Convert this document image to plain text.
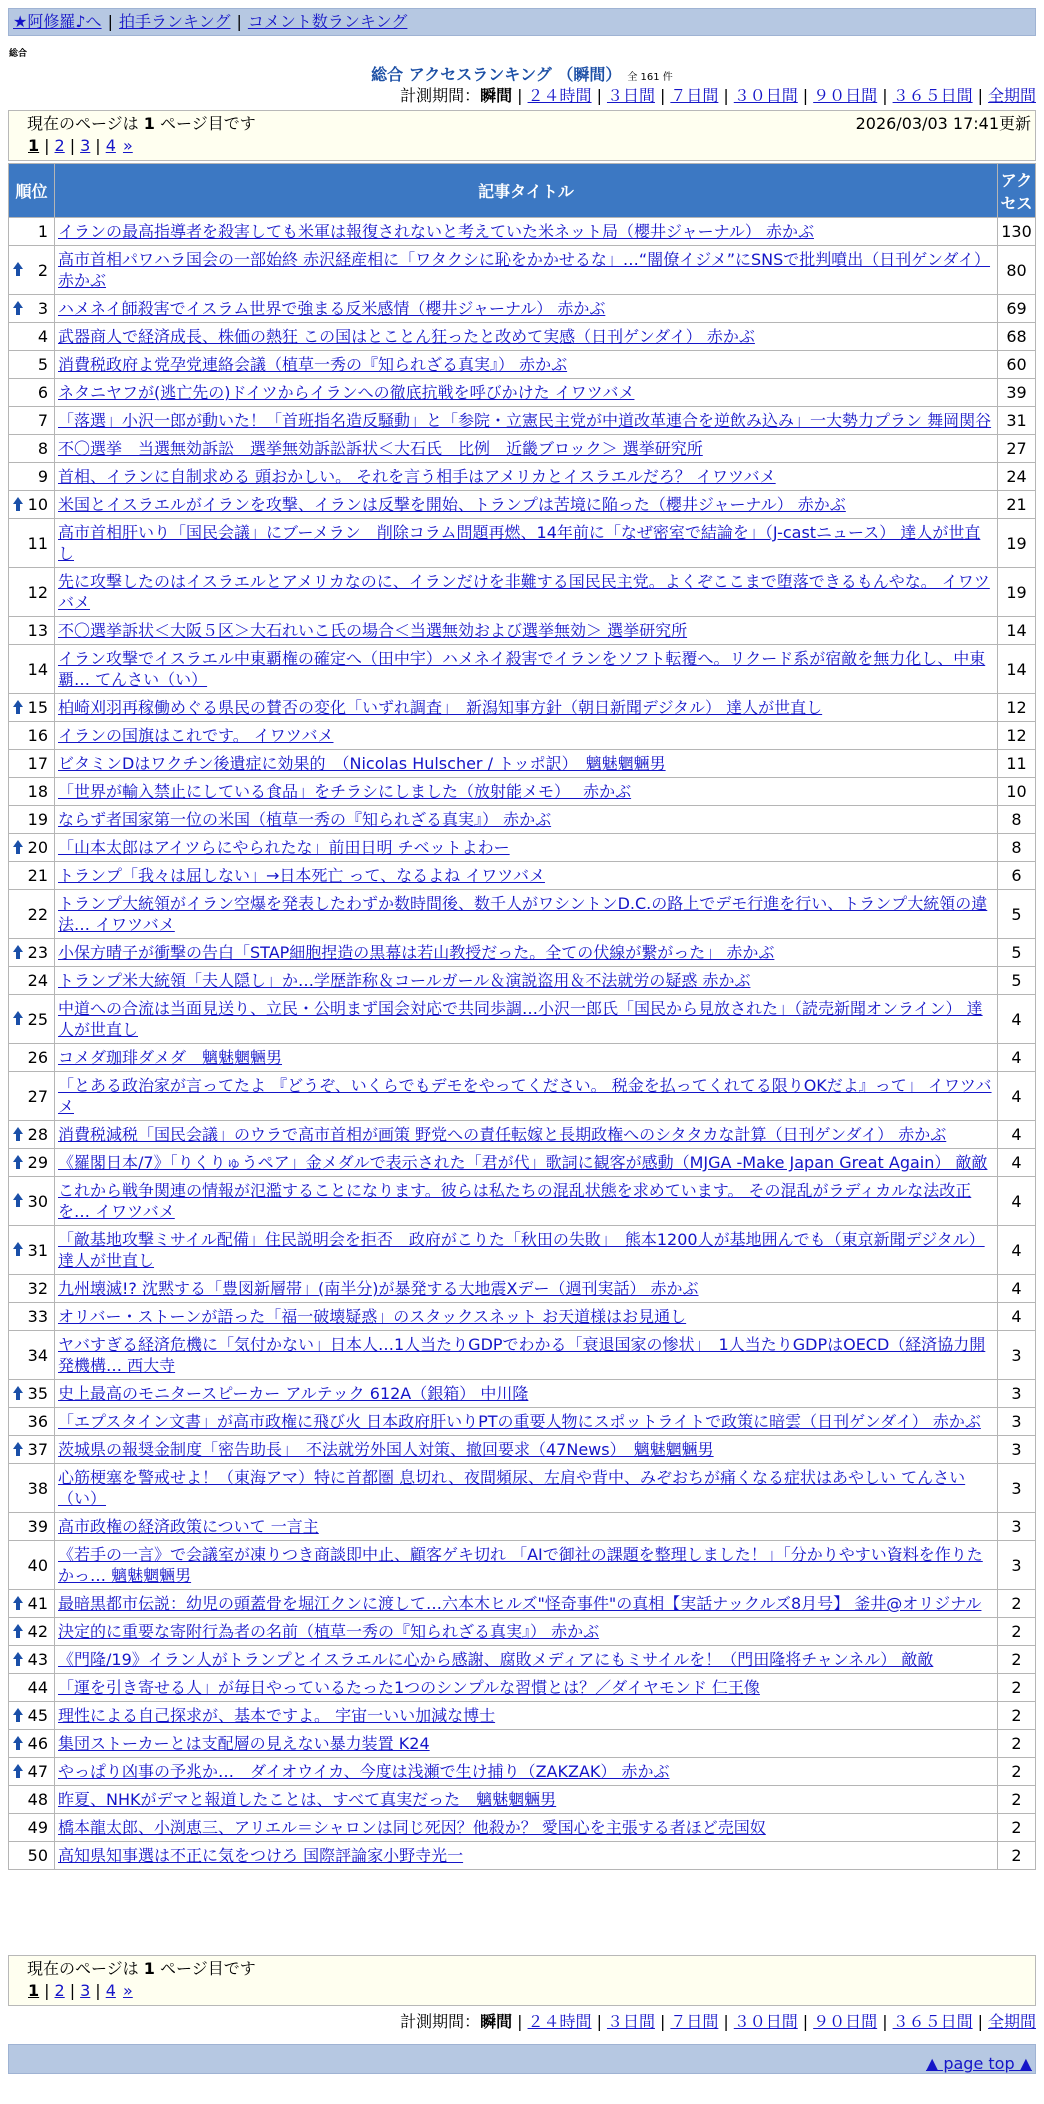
★阿修羅♪へ | 拍手ランキング | コメント数ランキング
総合
総合 アクセスランキング （瞬間） 全 161 件
計測期間：瞬間 | ２４時間 | ３日間 | ７日間 | ３０日間 | ９０日間 | ３６５日間 | 全期間
現在のページは 1 ページ目です	2026/03/03 17:41更新
1 | 2 | 3 | 4 »
順位	記事タイトル	アクセス
1	イランの最高指導者を殺害しても米軍は報復されないと考えていた米ネット局（櫻井ジャーナル） 赤かぶ	130

2	高市首相パワハラ国会の一部始終 赤沢経産相に「ワタクシに恥をかかせるな」…“闇僚イジメ”にSNSで批判噴出（日刊ゲンダイ） 赤かぶ	80

3	ハメネイ師殺害でイスラム世界で強まる反米感情（櫻井ジャーナル） 赤かぶ	69
4	武器商人で経済成長、株価の熱狂 この国はとことん狂ったと改めて実感（日刊ゲンダイ） 赤かぶ	68
5	消費税政府よ党孕党連絡会議（植草一秀の『知られざる真実』） 赤かぶ	60
6	ネタニヤフが(逃亡先の)ドイツからイランへの徹底抗戦を呼びかけた イワツバメ	39
7	「落選」小沢一郎が動いた！「首班指名造反騒動」と「参院・立憲民主党が中道改革連合を逆飲み込み」一大勢力プラン 舞岡関谷	31
8	不〇選挙　当選無効訴訟　選挙無効訴訟訴状＜大石氏　比例　近畿ブロック＞ 選挙研究所	27
9	首相、イランに自制求める 頭おかしい。 それを言う相手はアメリカとイスラエルだろ？ イワツバメ	24

10	米国とイスラエルがイランを攻撃、イランは反撃を開始、トランプは苦境に陥った（櫻井ジャーナル） 赤かぶ	21
11	高市首相肝いり「国民会議」にブーメラン　削除コラム問題再燃、14年前に「なぜ密室で結論を」（J-castニュース） 達人が世直し	19
12	先に攻撃したのはイスラエルとアメリカなのに、イランだけを非難する国民民主党。よくぞここまで堕落できるもんやな。 イワツバメ	19
13	不〇選挙訴状＜大阪５区＞大石れいこ氏の場合＜当選無効および選挙無効＞ 選挙研究所	14
14	イラン攻撃でイスラエル中東覇権の確定へ（田中宇）ハメネイ殺害でイランをソフト転覆へ。リクード系が宿敵を無力化し、中東覇… てんさい（い）	14

15	柏崎刈羽再稼働めぐる県民の賛否の変化「いずれ調査」　新潟知事方針（朝日新聞デジタル） 達人が世直し	12
16	イランの国旗はこれです。 イワツバメ	12
17	ビタミンDはワクチン後遺症に効果的　（Nicolas Hulscher / トッポ訳）　魑魅魍魎男	11
18	「世界が輸入禁止にしている食品」をチラシにしました（放射能メモ）　 赤かぶ	10
19	ならず者国家第一位の米国（植草一秀の『知られざる真実』） 赤かぶ	8

20	「山本太郎はアイツらにやられたな」前田日明 チベットよわー	8
21	トランプ「我々は屈しない」→日本死亡 って、なるよね イワツバメ	6
22	トランプ大統領がイラン空爆を発表したわずか数時間後、数千人がワシントンD.C.の路上でデモ行進を行い、トランプ大統領の違法… イワツバメ	5

23	小保方晴子が衝撃の告白「STAP細胞捏造の黒幕は若山教授だった。全ての伏線が繋がった」 赤かぶ	5
24	トランプ米大統領「夫人隠し」か…学歴詐称＆コールガール＆演説盗用＆不法就労の疑惑 赤かぶ	5

25	中道への合流は当面見送り、立民・公明まず国会対応で共同歩調…小沢一郎氏「国民から見放された」（読売新聞オンライン） 達人が世直し	4
26	コメダ珈琲ダメダ　魑魅魍魎男	4
27	「とある政治家が言ってたよ 『どうぞ、いくらでもデモをやってください。 税金を払ってくれてる限りOKだよ』って」 イワツバメ	4

28	消費税減税「国民会議」のウラで高市首相が画策 野党への責任転嫁と長期政権へのシタタカな計算（日刊ゲンダイ） 赤かぶ	4

29	《羅閣日本/7》「りくりゅうペア」金メダルで表示された「君が代」歌詞に観客が感動（MJGA -Make Japan Great Again） 敵敵	4

30	これから戦争関連の情報が氾濫することになります。彼らは私たちの混乱状態を求めています。 その混乱がラディカルな法改正を… イワツバメ	4

31	「敵基地攻撃ミサイル配備」住民説明会を拒否　政府がこりた「秋田の失敗」　熊本1200人が基地囲んでも（東京新聞デジタル） 達人が世直し	4
32	九州壊滅!? 沈黙する「豊図新層帯」(南半分)が暴発する大地震Xデー（週刊実話） 赤かぶ	4
33	オリバー・ストーンが語った「福一破壊疑惑」のスタックスネット お天道様はお見通し	4
34	ヤバすぎる経済危機に「気付かない」日本人…1人当たりGDPでわかる「衰退国家の惨状」　1人当たりGDPはOECD（経済協力開発機構… 西大寺	3

35	史上最高のモニタースピーカー アルテック 612A（銀箱） 中川隆	3
36	「エプスタイン文書」が高市政権に飛び火 日本政府肝いりPTの重要人物にスポットライトで政策に暗雲（日刊ゲンダイ） 赤かぶ	3

37	茨城県の報奨金制度「密告助長」　不法就労外国人対策、撤回要求（47News）　魑魅魍魎男	3
38	心筋梗塞を警戒せよ！（東海アマ）特に首都圏 息切れ、夜間頻尿、左肩や背中、みぞおちが痛くなる症状はあやしい てんさい（い）	3
39	高市政権の経済政策について 一言主	3
40	《若手の一言》で会議室が凍りつき商談即中止、顧客ゲキ切れ 「AIで御社の課題を整理しました！」「分かりやすい資料を作りたかっ… 魑魅魍魎男	3

41	最暗黒都市伝説：幼児の頭蓋骨を堀江クンに渡して…六本木ヒルズ"怪奇事件"の真相【実話ナックルズ8月号】 釜井@オリジナル	2

42	決定的に重要な寄附行為者の名前（植草一秀の『知られざる真実』） 赤かぶ	2

43	《門隆/19》イラン人がトランプとイスラエルに心から感謝、腐敗メディアにもミサイルを！（門田隆将チャンネル） 敵敵	2
44	「運を引き寄せる人」が毎日やっているたった1つのシンプルな習慣とは？／ダイヤモンド 仁王像	2

45	理性による自己探求が、基本ですよ。 宇宙一いい加減な博士	2

46	集団ストーカーとは支配層の見えない暴力装置 K24	2

47	やっぱり凶事の予兆か…　ダイオウイカ、今度は浅瀬で生け捕り（ZAKZAK） 赤かぶ	2
48	昨夏、NHKがデマと報道したことは、すべて真実だった　魑魅魍魎男	2
49	橋本龍太郎、小渕恵三、アリエル＝シャロンは同じ死因？他殺か？ 愛国心を主張する者ほど売国奴	2
50	高知県知事選は不正に気をつけろ 国際評論家小野寺光一	2
現在のページは 1 ページ目です
1 | 2 | 3 | 4 »
計測期間：瞬間 | ２４時間 | ３日間 | ７日間 | ３０日間 | ９０日間 | ３６５日間 | 全期間
▲ page top ▲
